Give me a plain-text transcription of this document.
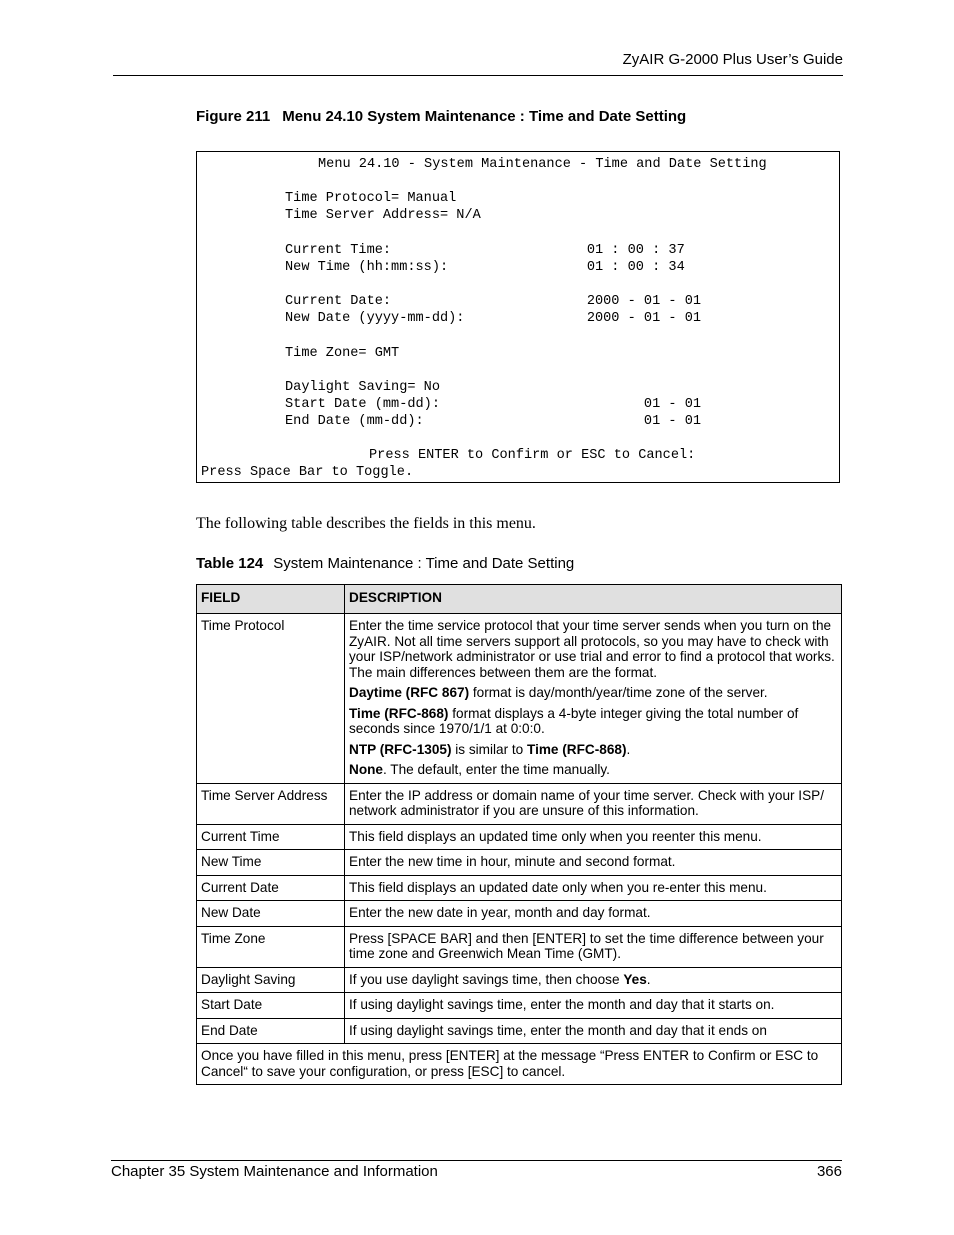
ZyAIR G-2000 Plus User’s Guide
Figure 211 Menu 24.10 System Maintenance : Time and Date Setting
Menu 24.10 - System Maintenance - Time and Date Setting
Time Protocol= Manual
Time Server Address= N/A
Current Time:                        01 : 00 : 37
New Time (hh:mm:ss):                 01 : 00 : 34
Current Date:                        2000 - 01 - 01
New Date (yyyy-mm-dd):               2000 - 01 - 01
Time Zone= GMT
Daylight Saving= No
Start Date (mm-dd):                         01 - 01
End Date (mm-dd):                           01 - 01
Press ENTER to Confirm or ESC to Cancel:
Press Space Bar to Toggle.
The following table describes the fields in this menu.
Table 124 System Maintenance : Time and Date Setting
FIELD	DESCRIPTION
Time Protocol	Enter the time service protocol that your time server sends when you turn on the ZyAIR. Not all time servers support all protocols, so you may have to check with your ISP/network administrator or use trial and error to find a protocol that works. The main differences between them are the format.
Daytime (RFC 867) format is day/month/year/time zone of the server.
Time (RFC-868) format displays a 4-byte integer giving the total number of seconds since 1970/1/1 at 0:0:0.
NTP (RFC-1305) is similar to Time (RFC-868).
None. The default, enter the time manually.

Time Server Address	Enter the IP address or domain name of your time server. Check with your ISP/ network administrator if you are unsure of this information.
Current Time	This field displays an updated time only when you reenter this menu.
New Time	Enter the new time in hour, minute and second format.
Current Date	This field displays an updated date only when you re-enter this menu.
New Date	Enter the new date in year, month and day format.
Time Zone	Press [SPACE BAR] and then [ENTER] to set the time difference between your time zone and Greenwich Mean Time (GMT).
Daylight Saving	If you use daylight savings time, then choose Yes.
Start Date	If using daylight savings time, enter the month and day that it starts on.
End Date	If using daylight savings time, enter the month and day that it ends on
Once you have filled in this menu, press [ENTER] at the message “Press ENTER to Confirm or ESC to Cancel“ to save your configuration, or press [ESC] to cancel.	
Chapter 35 System Maintenance and Information	366
